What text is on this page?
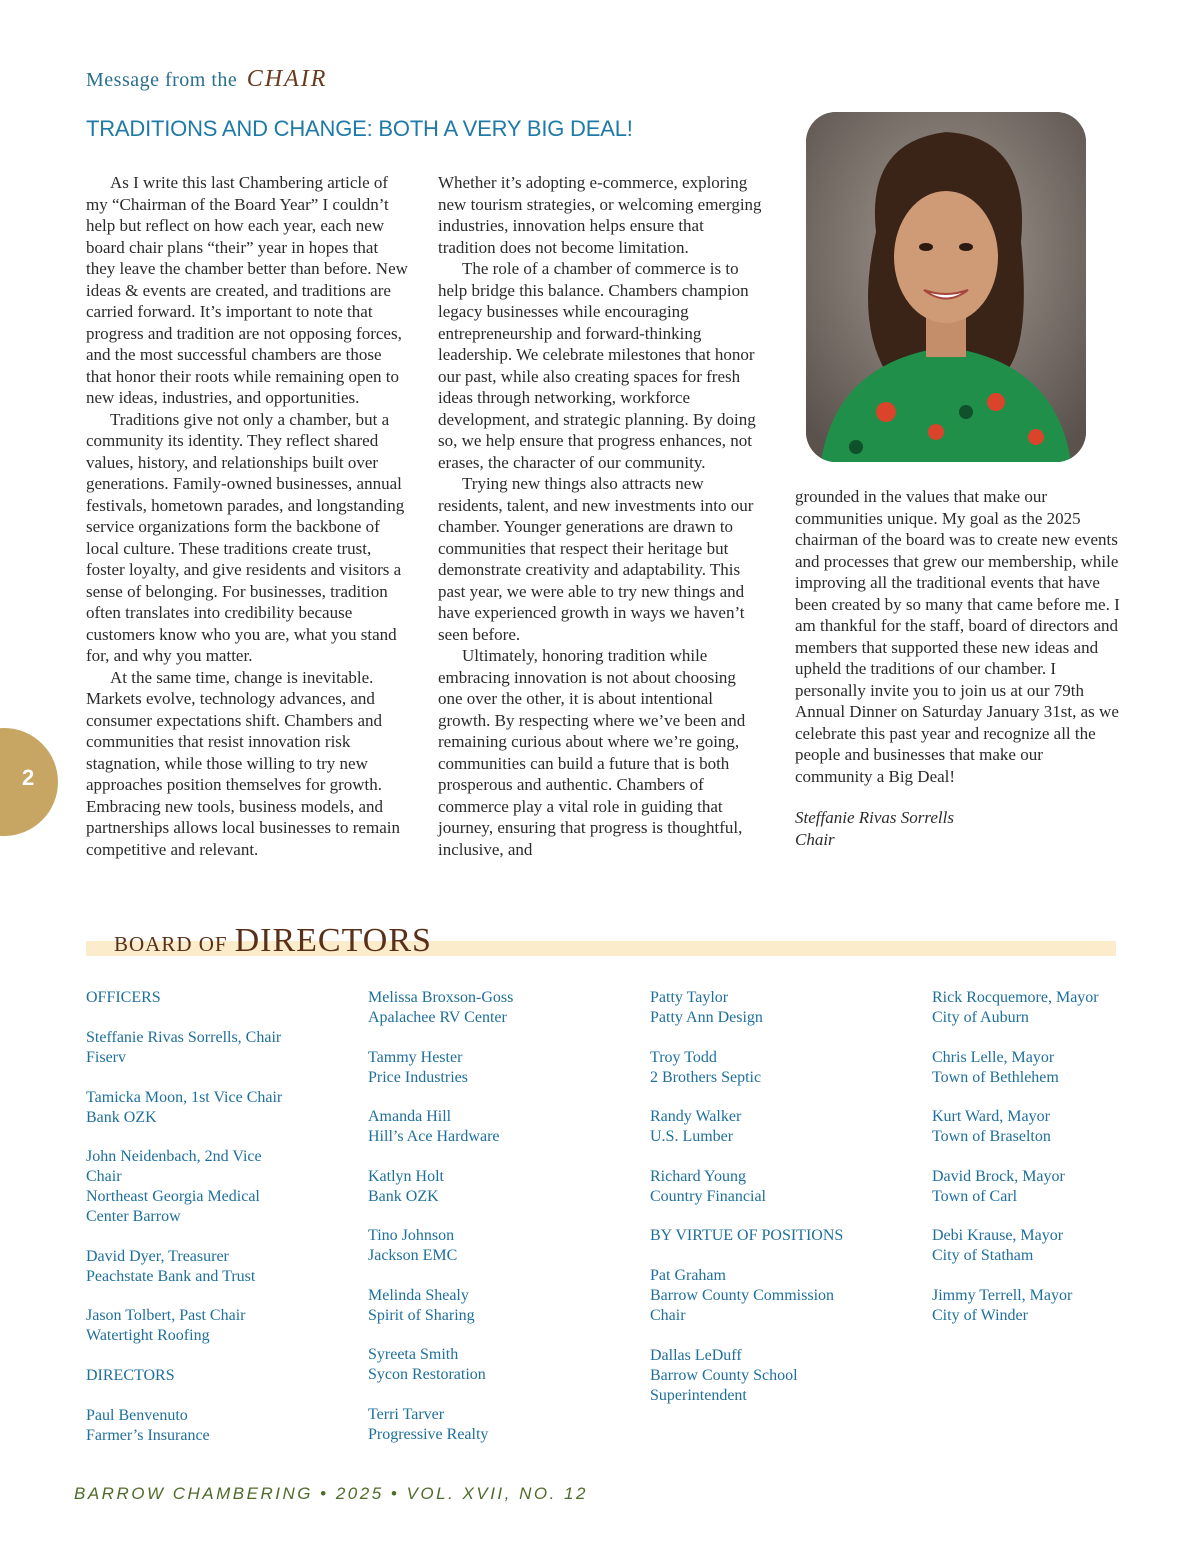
Message from the CHAIR
TRADITIONS AND CHANGE: BOTH A VERY BIG DEAL!

As I write this last Chambering article of my “Chairman of the Board Year” I couldn’t help but reflect on how each year, each new board chair plans “their” year in hopes that they leave the chamber better than before. New ideas & events are created, and traditions are carried forward. It’s important to note that progress and tradition are not opposing forces, and the most successful chambers are those that honor their roots while remaining open to new ideas, industries, and opportunities.

Traditions give not only a chamber, but a community its identity. They reflect shared values, history, and relationships built over generations. Family-owned businesses, annual festivals, hometown parades, and longstanding service organizations form the backbone of local culture. These traditions create trust, foster loyalty, and give residents and visitors a sense of belonging. For businesses, tradition often translates into credibility because customers know who you are, what you stand for, and why you matter.

At the same time, change is inevitable. Markets evolve, technology advances, and consumer expectations shift. Chambers and communities that resist innovation risk stagnation, while those willing to try new approaches position themselves for growth. Embracing new tools, business models, and partnerships allows local businesses to remain competitive and relevant.

Whether it’s adopting e-commerce, exploring new tourism strategies, or welcoming emerging industries, innovation helps ensure that tradition does not become limitation.

The role of a chamber of commerce is to help bridge this balance. Chambers champion legacy businesses while encouraging entrepreneurship and forward-thinking leadership. We celebrate milestones that honor our past, while also creating spaces for fresh ideas through networking, workforce development, and strategic planning. By doing so, we help ensure that progress enhances, not erases, the character of our community.

Trying new things also attracts new residents, talent, and new investments into our chamber. Younger generations are drawn to communities that respect their heritage but demonstrate creativity and adaptability. This past year, we were able to try new things and have experienced growth in ways we haven’t seen before.

Ultimately, honoring tradition while embracing innovation is not about choosing one over the other, it is about intentional growth. By respecting where we’ve been and remaining curious about where we’re going, communities can build a future that is both prosperous and authentic. Chambers of commerce play a vital role in guiding that journey, ensuring that progress is thoughtful, inclusive, and

grounded in the values that make our communities unique. My goal as the 2025 chairman of the board was to create new events and processes that grew our membership, while improving all the traditional events that have been created by so many that came before me. I am thankful for the staff, board of directors and members that supported these new ideas and upheld the traditions of our chamber. I personally invite you to join us at our 79th Annual Dinner on Saturday January 31st, as we celebrate this past year and recognize all the people and businesses that make our community a Big Deal!

Steffanie Rivas Sorrells
Chair
2
BOARD OF DIRECTORS
OFFICERS
Steffanie Rivas Sorrells, Chair
Fiserv
Tamicka Moon, 1st Vice Chair
Bank OZK
John Neidenbach, 2nd Vice
Chair
Northeast Georgia Medical
Center Barrow
David Dyer, Treasurer
Peachstate Bank and Trust
Jason Tolbert, Past Chair
Watertight Roofing
DIRECTORS
Paul Benvenuto
Farmer’s Insurance
Melissa Broxson-Goss
Apalachee RV Center
Tammy Hester
Price Industries
Amanda Hill
Hill’s Ace Hardware
Katlyn Holt
Bank OZK
Tino Johnson
Jackson EMC
Melinda Shealy
Spirit of Sharing
Syreeta Smith
Sycon Restoration
Terri Tarver
Progressive Realty
Patty Taylor
Patty Ann Design
Troy Todd
2 Brothers Septic
Randy Walker
U.S. Lumber
Richard Young
Country Financial
BY VIRTUE OF POSITIONS
Pat Graham
Barrow County Commission
Chair
Dallas LeDuff
Barrow County School
Superintendent
Rick Rocquemore, Mayor
City of Auburn
Chris Lelle, Mayor
Town of Bethlehem
Kurt Ward, Mayor
Town of Braselton
David Brock, Mayor
Town of Carl
Debi Krause, Mayor
City of Statham
Jimmy Terrell, Mayor
City of Winder
BARROW CHAMBERING • 2025 • VOL. XVII, NO. 12
